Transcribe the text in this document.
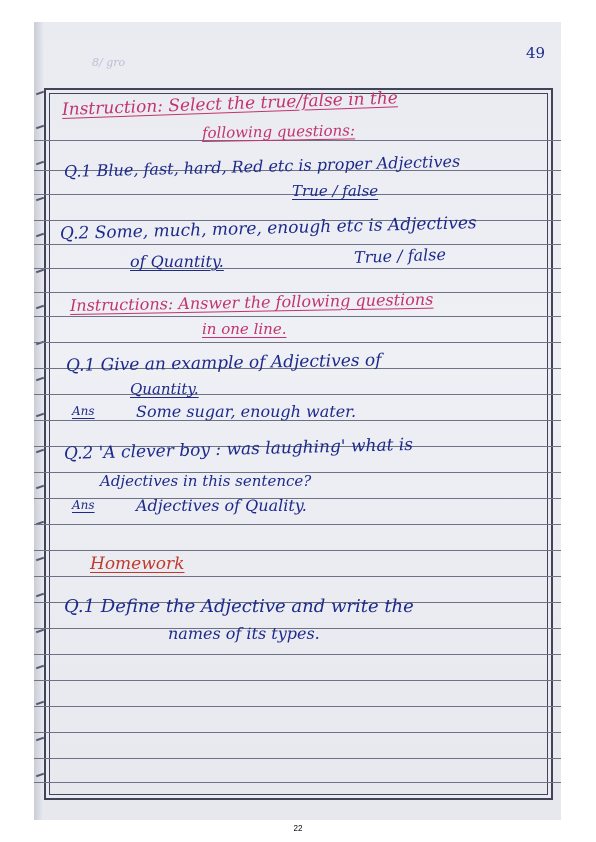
8/ gro
49
Instruction: Select the true/false in the
following questions:
Q.1 Blue, fast, hard, Red etc is proper Adjectives
True / false
Q.2 Some, much, more, enough etc is Adjectives
of Quantity.	True / false
Instructions: Answer the following questions
in one line.
Q.1 Give an example of Adjectives of
Quantity.
Ans	Some sugar, enough water.
Q.2 'A clever boy : was laughing' what is
Adjectives in this sentence?
Ans	Adjectives of Quality.
Homework
Q.1 Define the Adjective and write the
names of its types.
22
